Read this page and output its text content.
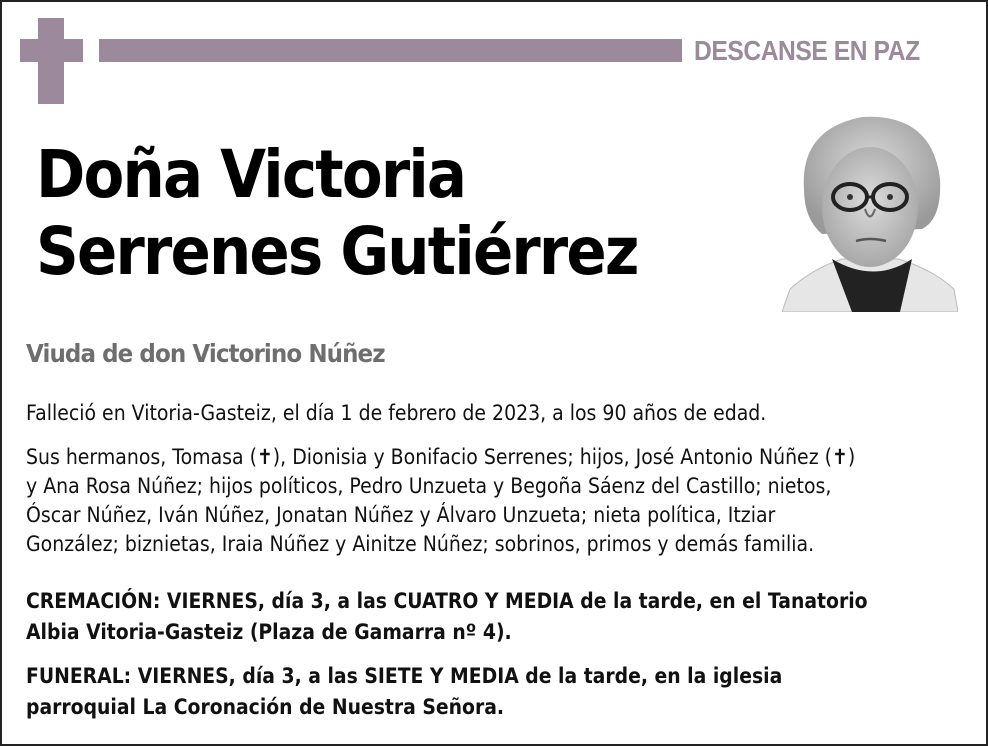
DESCANSE EN PAZ
Doña Victoria
Serrenes Gutiérrez
Viuda de don Victorino Núñez
Falleció en Vitoria-Gasteiz, el día 1 de febrero de 2023, a los 90 años de edad.
Sus hermanos, Tomasa (✝), Dionisia y Bonifacio Serrenes; hijos, José Antonio Núñez (✝)
y Ana Rosa Núñez; hijos políticos, Pedro Unzueta y Begoña Sáenz del Castillo; nietos,
Óscar Núñez, Iván Núñez, Jonatan Núñez y Álvaro Unzueta; nieta política, Itziar
González; biznietas, Iraia Núñez y Ainitze Núñez; sobrinos, primos y demás familia.
CREMACIÓN: VIERNES, día 3, a las CUATRO Y MEDIA de la tarde, en el Tanatorio
Albia Vitoria-Gasteiz (Plaza de Gamarra nº 4).
FUNERAL: VIERNES, día 3, a las SIETE Y MEDIA de la tarde, en la iglesia
parroquial La Coronación de Nuestra Señora.
